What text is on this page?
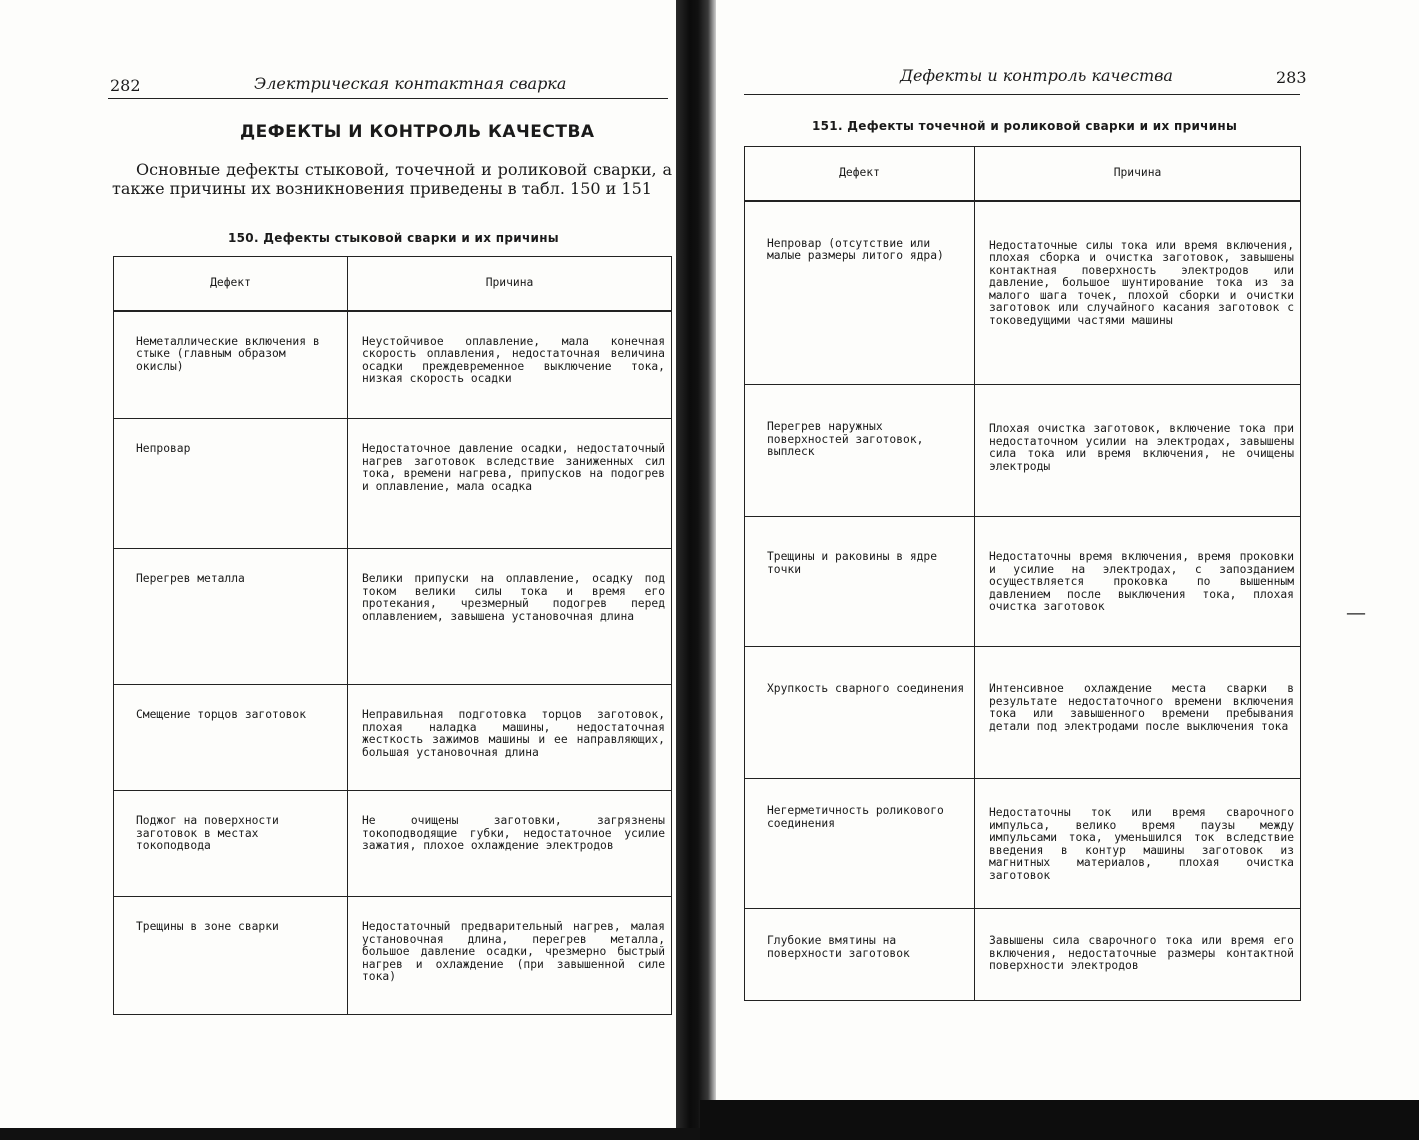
282	Электрическая контактная сварка
ДЕФЕКТЫ И КОНТРОЛЬ КАЧЕСТВА
Основные дефекты стыковой, точечной и роликовой сварки, а также причины их возникновения приведены в табл. 150 и 151
150. Дефекты стыковой сварки и их причины
Дефект	Причина
Неметаллические включения в стыке (главным образом окислы)	Неустойчивое оплавление, мала конечная скорость оплавления, недостаточная величина осадки преждевременное выключение тока, низкая скорость осадки
Непровар	Недостаточное давление осадки, недостаточный нагрев заготовок вследствие заниженных сил тока, времени нагрева, припусков на подогрев и оплавление, мала осадка
Перегрев металла	Велики припуски на оплавление, осадку под током велики силы тока и время его протекания, чрезмерный подогрев перед оплавлением, завышена установочная длина
Смещение торцов заготовок	Неправильная подготовка торцов заготовок, плохая наладка машины, недостаточная жесткость зажимов машины и ее направляющих, большая установочная длина
Поджог на поверхности заготовок в местах токоподвода	Не очищены заготовки, загрязнены токоподводящие губки, недостаточное усилие зажатия, плохое охлаждение электродов
Трещины в зоне сварки	Недостаточный предварительный нагрев, малая установочная длина, перегрев металла, большое давление осадки, чрезмерно быстрый нагрев и охлаждение (при завышенной силе тока)
Дефекты и контроль качества	283
151. Дефекты точечной и роликовой сварки и их причины
Дефект	Причина
Непровар (отсутствие или малые размеры литого ядра)	Недостаточные силы тока или время включения, плохая сборка и очистка заготовок, завышены контактная поверхность электродов или давление, большое шунтирование тока из за малого шага точек, плохой сборки и очистки заготовок или случайного касания заготовок с токоведущими частями машины
Перегрев наружных поверхностей заготовок, выплеск	Плохая очистка заготовок, включение тока при недостаточном усилии на электродах, завышены сила тока или время включения, не очищены электроды
Трещины и раковины в ядре точки	Недостаточны время включения, время проковки и усилие на электродах, с запозданием осуществляется проковка по вышенным давлением после выключения тока, плохая очистка заготовок
Хрупкость сварного соединения	Интенсивное охлаждение места сварки в результате недостаточного времени включения тока или завышенного времени пребывания детали под электродами после выключения тока
Негерметичность роликового соединения	Недостаточны ток или время сварочного импульса, велико время паузы между импульсами тока, уменьшился ток вследствие введения в контур машины заготовок из магнитных материалов, плохая очистка заготовок
Глубокие вмятины на поверхности заготовок	Завышены сила сварочного тока или время его включения, недостаточные размеры контактной поверхности электродов
—
